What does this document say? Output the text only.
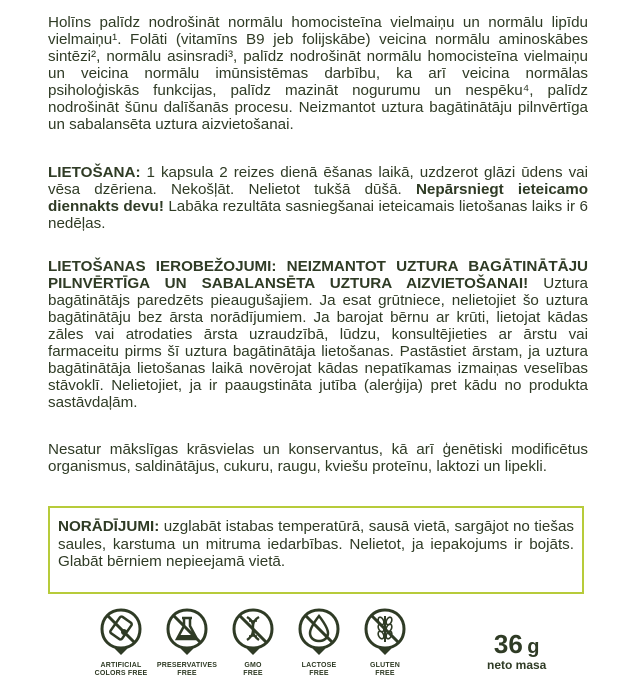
Holīns palīdz nodrošināt normālu homocisteīna vielmaiņu un normālu lipīdu vielmaiņu¹. Folāti (vitamīns B9 jeb folijskābe) veicina normālu aminoskābes sintēzi², normālu asinsradi³, palīdz nodrošināt normālu homocisteīna vielmaiņu un veicina normālu imūnsistēmas darbību, ka arī veicina normālas psiholoģiskās funkcijas, palīdz mazināt nogurumu un nespēku⁴, palīdz nodrošināt šūnu dalīšanās procesu. Neizmantot uztura bagātinātāju pilnvērtīga un sabalansēta uztura aizvietošanai.

LIETOŠANA: 1 kapsula 2 reizes dienā ēšanas laikā, uzdzerot glāzi ūdens vai vēsa dzēriena. Nekošļāt. Nelietot tukšā dūšā. Nepārsniegt ieteicamo diennakts devu! Labāka rezultāta sasniegšanai ieteicamais lietošanas laiks ir 6 nedēļas.

LIETOŠANAS IEROBEŽOJUMI: NEIZMANTOT UZTURA BAGĀTINĀTĀJU PILNVĒRTĪGA UN SABALANSĒTA UZTURA AIZVIETOŠANAI! Uztura bagātinātājs paredzēts pieaugušajiem. Ja esat grūtniece, nelietojiet šo uztura bagātinātāju bez ārsta norādījumiem. Ja barojat bērnu ar krūti, lietojat kādas zāles vai atrodaties ārsta uzraudzībā, lūdzu, konsultējieties ar ārstu vai farmaceitu pirms šī uztura bagātinātāja lietošanas. Pastāstiet ārstam, ja uztura bagātinātāja lietošanas laikā novērojat kādas nepatīkamas izmaiņas veselības stāvoklī. Nelietojiet, ja ir paaugstināta jutība (alerģija) pret kādu no produkta sastāvdaļām.

Nesatur mākslīgas krāsvielas un konservantus, kā arī ģenētiski modificētus organismus, saldinātājus, cukuru, raugu, kviešu proteīnu, laktozi un lipekli.

NORĀDĪJUMI: uzglabāt istabas temperatūrā, sausā vietā, sargājot no tiešas saules, karstuma un mitruma iedarbības. Nelietot, ja iepakojums ir bojāts. Glabāt bērniem nepieejamā vietā.

ARTIFICIAL
COLORS FREE
PRESERVATIVES
FREE
GMO
FREE
LACTOSE
FREE
GLUTEN
FREE
36 g
neto masa
